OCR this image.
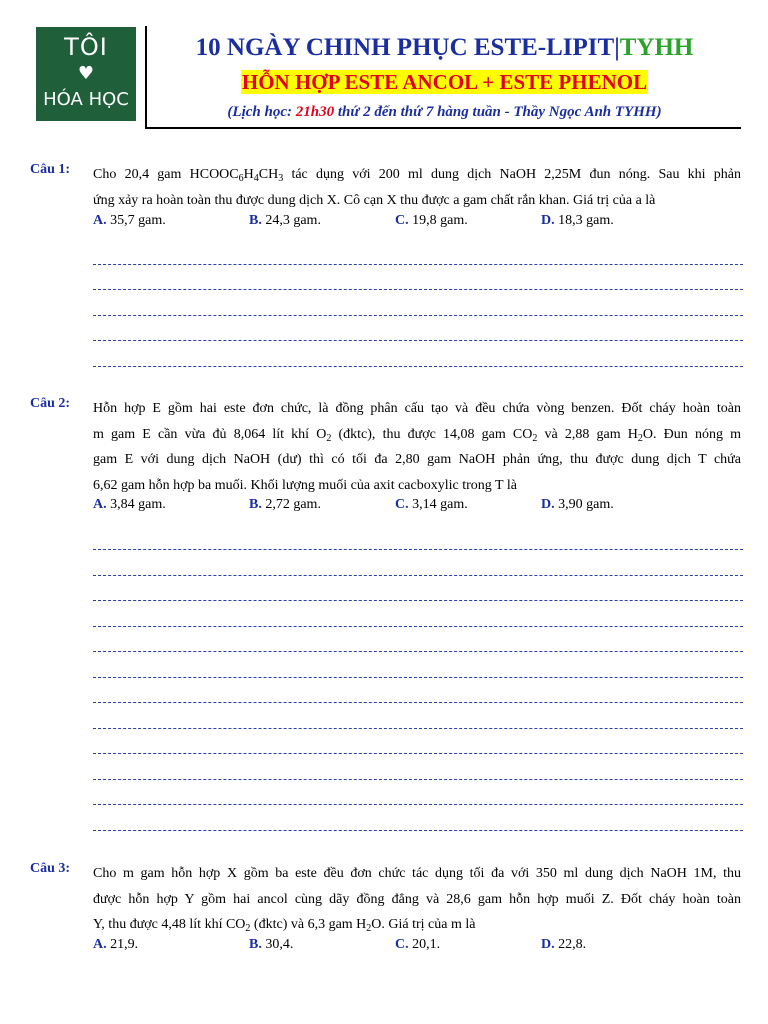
TÔI
♥
HÓA HỌC
10 NGÀY CHINH PHỤC ESTE-LIPIT|TYHH
HỖN HỢP ESTE ANCOL + ESTE PHENOL
(Lịch học: 21h30 thứ 2 đến thứ 7 hàng tuần - Thầy Ngọc Anh TYHH)
Câu 1: Cho 20,4 gam $HCOOC_6H_4CH_3$ tác dụng với 200 ml dung dịch NaOH 2,25M đun nóng. Sau khi phản
ứng xảy ra hoàn toàn thu được dung dịch X. Cô cạn X thu được a gam chất rắn khan. Giá trị của a là
A. 35,7 gam.	B. 24,3 gam.	C. 19,8 gam.	D. 18,3 gam.
Câu 2: Hỗn hợp E gồm hai este đơn chức, là đồng phân cấu tạo và đều chứa vòng benzen. Đốt cháy hoàn toàn
m gam E cần vừa đủ 8,064 lít khí $O_2$ (đktc), thu được 14,08 gam $CO_2$ và 2,88 gam $H_2O$. Đun nóng m
gam E với dung dịch NaOH (dư) thì có tối đa 2,80 gam NaOH phản ứng, thu được dung dịch T chứa
6,62 gam hỗn hợp ba muối. Khối lượng muối của axit cacboxylic trong T là
A. 3,84 gam.	B. 2,72 gam.	C. 3,14 gam.	D. 3,90 gam.
Câu 3: Cho m gam hỗn hợp X gồm ba este đều đơn chức tác dụng tối đa với 350 ml dung dịch NaOH 1M, thu
được hỗn hợp Y gồm hai ancol cùng dãy đồng đẳng và 28,6 gam hỗn hợp muối Z. Đốt cháy hoàn toàn
Y, thu được 4,48 lít khí $CO_2$ (đktc) và 6,3 gam $H_2O$. Giá trị của m là
A. 21,9.	B. 30,4.	C. 20,1.	D. 22,8.
